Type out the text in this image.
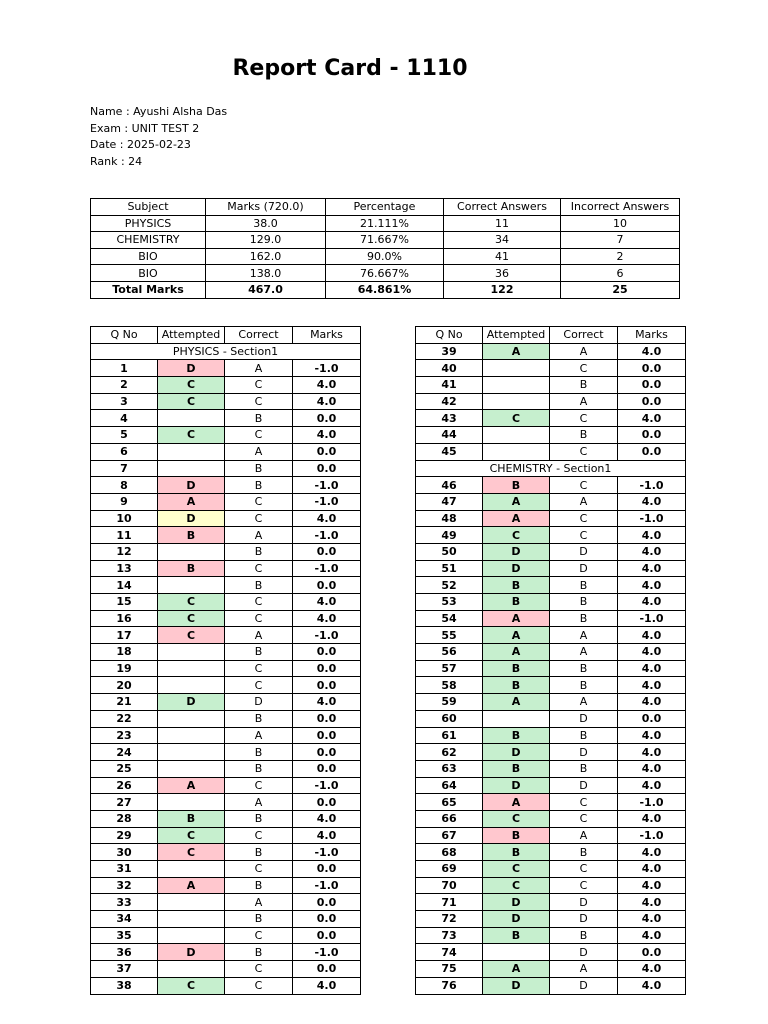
Report Card - 1110
Name : Ayushi Alsha Das
Exam : UNIT TEST 2
Date : 2025-02-23
Rank : 24
Subject	Marks (720.0)	Percentage	Correct Answers	Incorrect Answers
PHYSICS	38.0	21.111%	11	10
CHEMISTRY	129.0	71.667%	34	7
BIO	162.0	90.0%	41	2
BIO	138.0	76.667%	36	6
Total Marks	467.0	64.861%	122	25
Q No	Attempted	Correct	Marks
PHYSICS - Section1			
1	D	A	-1.0
2	C	C	4.0
3	C	C	4.0
4		B	0.0
5	C	C	4.0
6		A	0.0
7		B	0.0
8	D	B	-1.0
9	A	C	-1.0
10	D	C	4.0
11	B	A	-1.0
12		B	0.0
13	B	C	-1.0
14		B	0.0
15	C	C	4.0
16	C	C	4.0
17	C	A	-1.0
18		B	0.0
19		C	0.0
20		C	0.0
21	D	D	4.0
22		B	0.0
23		A	0.0
24		B	0.0
25		B	0.0
26	A	C	-1.0
27		A	0.0
28	B	B	4.0
29	C	C	4.0
30	C	B	-1.0
31		C	0.0
32	A	B	-1.0
33		A	0.0
34		B	0.0
35		C	0.0
36	D	B	-1.0
37		C	0.0
38	C	C	4.0
Q No	Attempted	Correct	Marks
39	A	A	4.0
40		C	0.0
41		B	0.0
42		A	0.0
43	C	C	4.0
44		B	0.0
45		C	0.0
CHEMISTRY - Section1			
46	B	C	-1.0
47	A	A	4.0
48	A	C	-1.0
49	C	C	4.0
50	D	D	4.0
51	D	D	4.0
52	B	B	4.0
53	B	B	4.0
54	A	B	-1.0
55	A	A	4.0
56	A	A	4.0
57	B	B	4.0
58	B	B	4.0
59	A	A	4.0
60		D	0.0
61	B	B	4.0
62	D	D	4.0
63	B	B	4.0
64	D	D	4.0
65	A	C	-1.0
66	C	C	4.0
67	B	A	-1.0
68	B	B	4.0
69	C	C	4.0
70	C	C	4.0
71	D	D	4.0
72	D	D	4.0
73	B	B	4.0
74		D	0.0
75	A	A	4.0
76	D	D	4.0
